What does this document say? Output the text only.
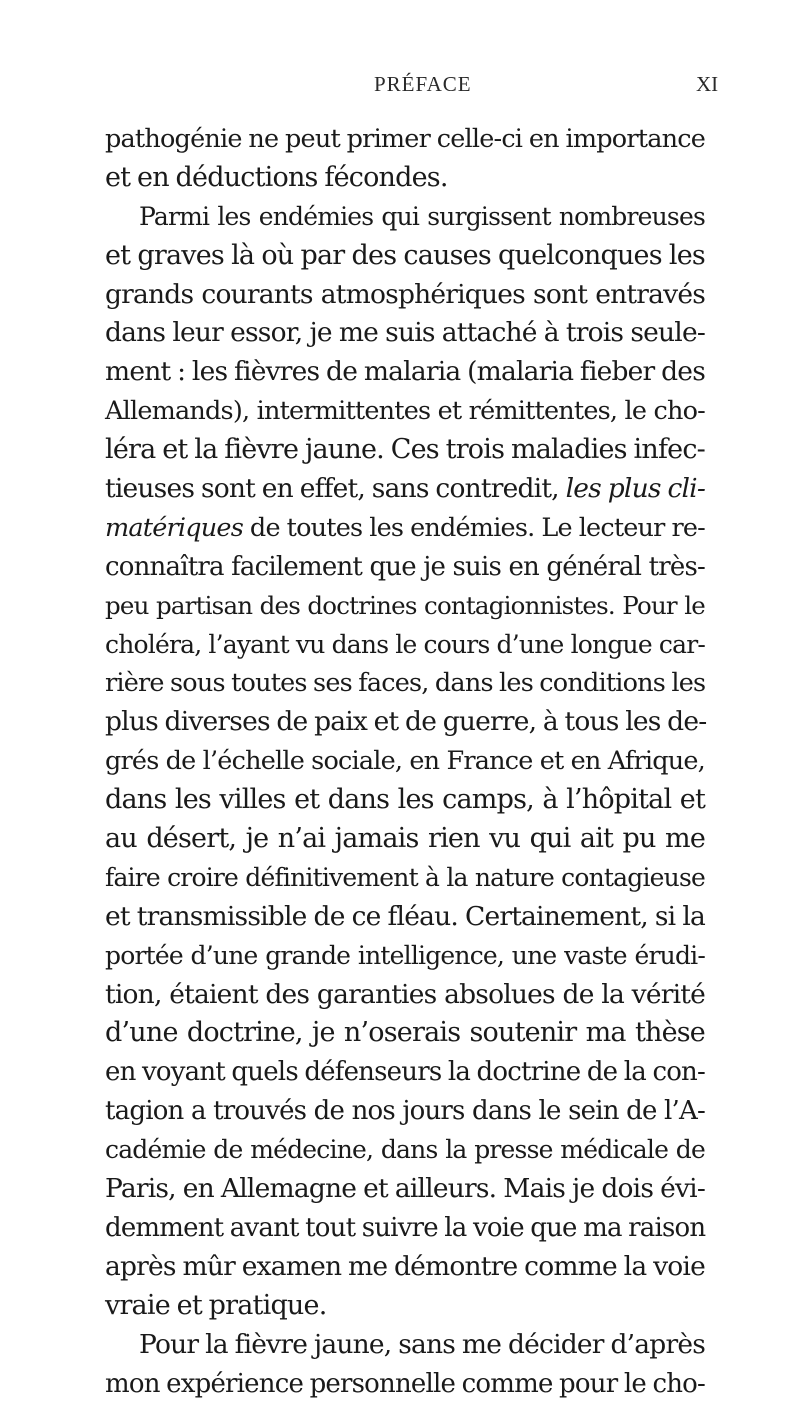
PRÉFACE	XI
pathogénie ne peut primer celle-ci en importance
et en déductions fécondes.
Parmi les endémies qui surgissent nombreuses
et graves là où par des causes quelconques les
grands courants atmosphériques sont entravés
dans leur essor, je me suis attaché à trois seule-
ment : les fièvres de malaria (malaria fieber des
Allemands), intermittentes et rémittentes, le cho-
léra et la fièvre jaune. Ces trois maladies infec-
tieuses sont en effet, sans contredit, les plus cli-
matériques de toutes les endémies. Le lecteur re-
connaîtra facilement que je suis en général très-
peu partisan des doctrines contagionnistes. Pour le
choléra, l’ayant vu dans le cours d’une longue car-
rière sous toutes ses faces, dans les conditions les
plus diverses de paix et de guerre, à tous les de-
grés de l’échelle sociale, en France et en Afrique,
dans les villes et dans les camps, à l’hôpital et
au désert, je n’ai jamais rien vu qui ait pu me
faire croire définitivement à la nature contagieuse
et transmissible de ce fléau. Certainement, si la
portée d’une grande intelligence, une vaste érudi-
tion, étaient des garanties absolues de la vérité
d’une doctrine, je n’oserais soutenir ma thèse
en voyant quels défenseurs la doctrine de la con-
tagion a trouvés de nos jours dans le sein de l’A-
cadémie de médecine, dans la presse médicale de
Paris, en Allemagne et ailleurs. Mais je dois évi-
demment avant tout suivre la voie que ma raison
après mûr examen me démontre comme la voie
vraie et pratique.
Pour la fièvre jaune, sans me décider d’après
mon expérience personnelle comme pour le cho-
